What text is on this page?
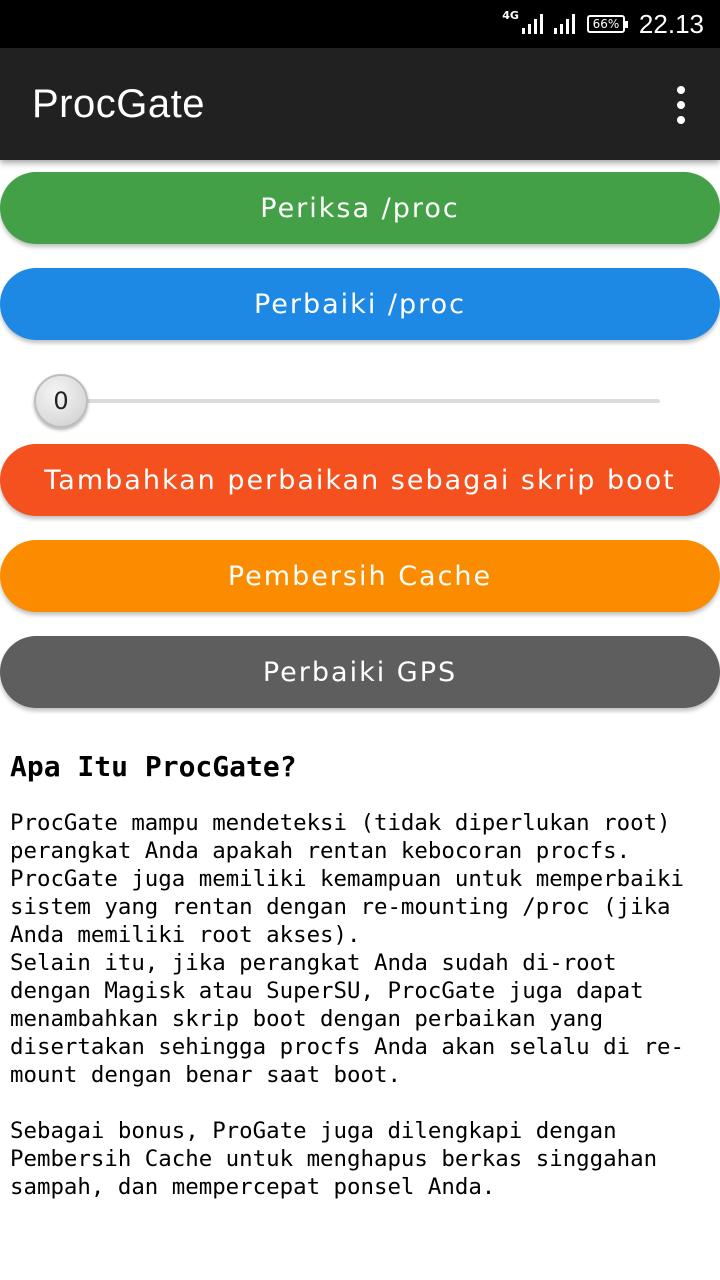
4G
66% 22.13
ProcGate
Periksa /proc
Perbaiki /proc
0
Tambahkan perbaikan sebagai skrip boot
Pembersih Cache
Perbaiki GPS
Apa Itu ProcGate?

ProcGate mampu mendeteksi (tidak diperlukan root)
perangkat Anda apakah rentan kebocoran procfs.
ProcGate juga memiliki kemampuan untuk memperbaiki
sistem yang rentan dengan re-mounting /proc (jika
Anda memiliki root akses).
Selain itu, jika perangkat Anda sudah di-root
dengan Magisk atau SuperSU, ProcGate juga dapat
menambahkan skrip boot dengan perbaikan yang
disertakan sehingga procfs Anda akan selalu di re-
mount dengan benar saat boot.

Sebagai bonus, ProGate juga dilengkapi dengan
Pembersih Cache untuk menghapus berkas singgahan
sampah, dan mempercepat ponsel Anda.
